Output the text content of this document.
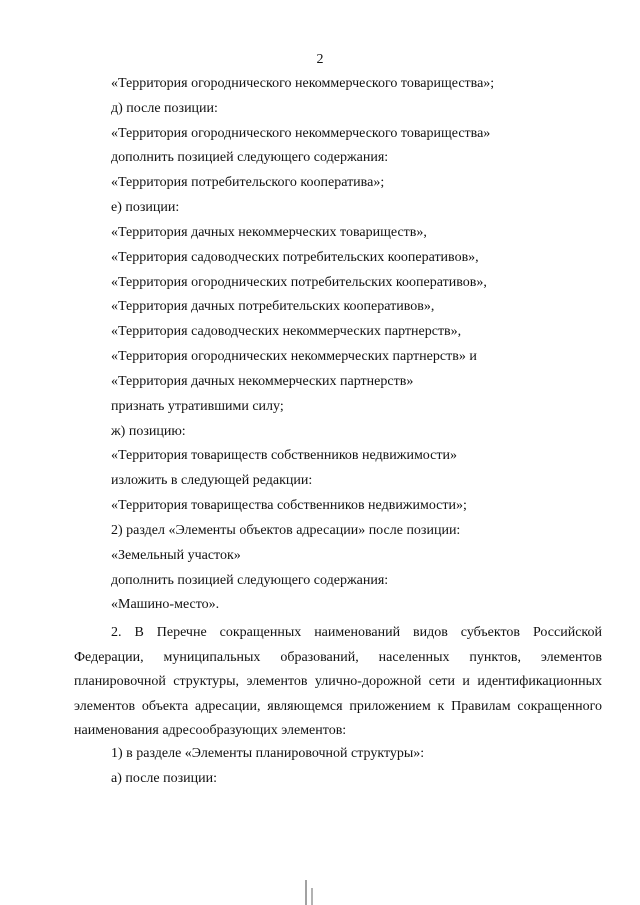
2
«Территория огороднического некоммерческого товарищества»;
д) после позиции:
«Территория огороднического некоммерческого товарищества»
дополнить позицией следующего содержания:
«Территория потребительского кооператива»;
е) позиции:
«Территория дачных некоммерческих товариществ»,
«Территория садоводческих потребительских кооперативов»,
«Территория огороднических потребительских кооперативов»,
«Территория дачных потребительских кооперативов»,
«Территория садоводческих некоммерческих партнерств»,
«Территория огороднических некоммерческих партнерств» и
«Территория дачных некоммерческих партнерств»
признать утратившими силу;
ж) позицию:
«Территория товариществ собственников недвижимости»
изложить в следующей редакции:
«Территория товарищества собственников недвижимости»;
2) раздел «Элементы объектов адресации» после позиции:
«Земельный участок»
дополнить позицией следующего содержания:
«Машино-место».

2. В Перечне сокращенных наименований видов субъектов Российской Федерации, муниципальных образований, населенных пунктов, элементов планировочной структуры, элементов улично-дорожной сети и идентификационных элементов объекта адресации, являющемся приложением к Правилам сокращенного наименования адресообразующих элементов:

1) в разделе «Элементы планировочной структуры»:
а) после позиции:
